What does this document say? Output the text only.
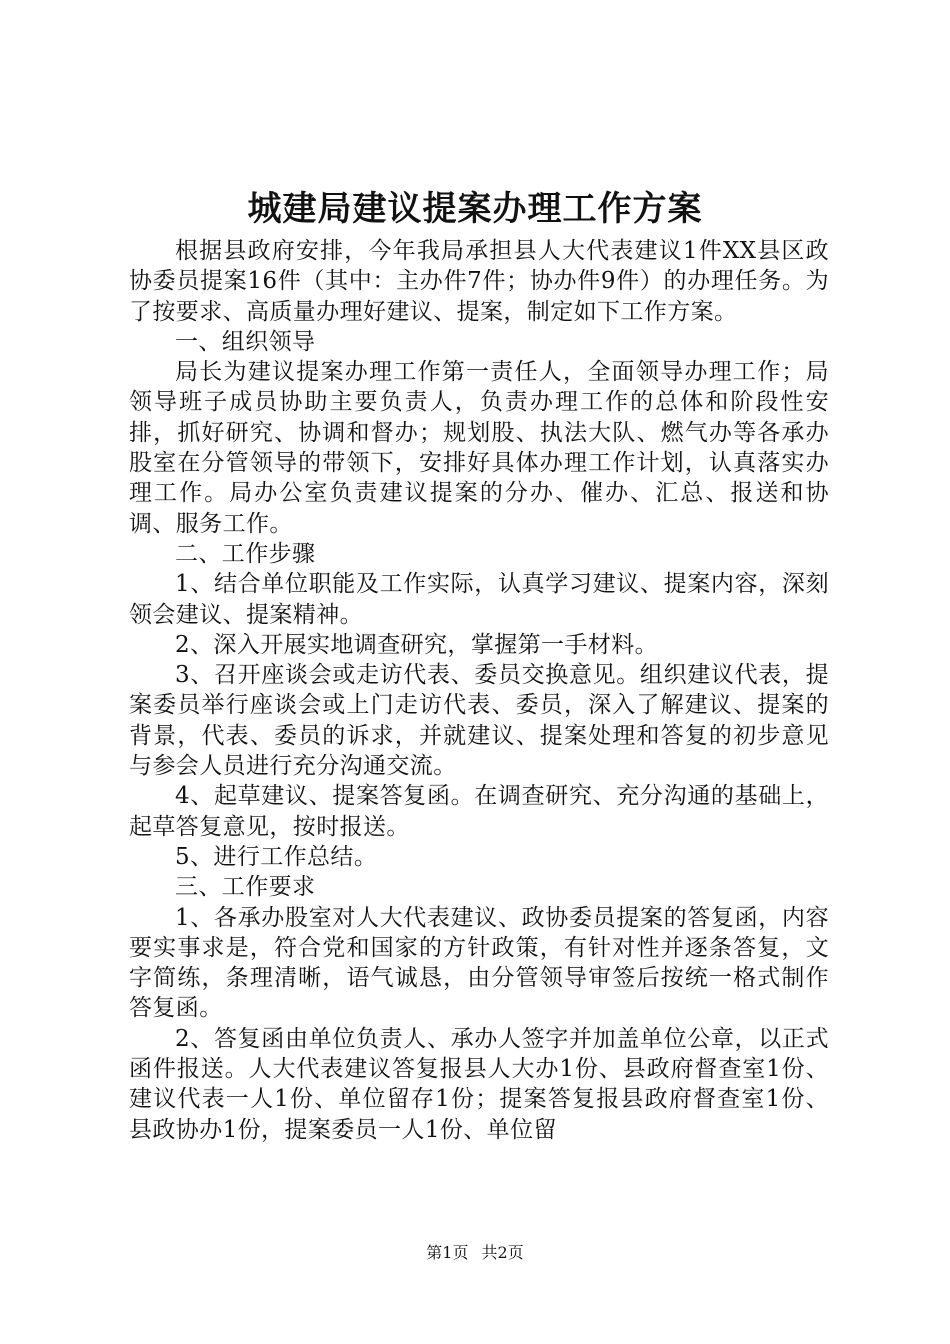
城建局建议提案办理工作方案

根据县政府安排，今年我局承担县人大代表建议1件XX县区政协委员提案16件（其中：主办件7件；协办件9件）的办理任务。为了按要求、高质量办理好建议、提案，制定如下工作方案。

一、组织领导

局长为建议提案办理工作第一责任人，全面领导办理工作；局领导班子成员协助主要负责人，负责办理工作的总体和阶段性安排，抓好研究、协调和督办；规划股、执法大队、燃气办等各承办股室在分管领导的带领下，安排好具体办理工作计划，认真落实办理工作。局办公室负责建议提案的分办、催办、汇总、报送和协调、服务工作。

二、工作步骤

1、结合单位职能及工作实际，认真学习建议、提案内容，深刻领会建议、提案精神。

2、深入开展实地调查研究，掌握第一手材料。

3、召开座谈会或走访代表、委员交换意见。组织建议代表，提案委员举行座谈会或上门走访代表、委员，深入了解建议、提案的背景，代表、委员的诉求，并就建议、提案处理和答复的初步意见与参会人员进行充分沟通交流。

4、起草建议、提案答复函。在调查研究、充分沟通的基础上，起草答复意见，按时报送。

5、进行工作总结。

三、工作要求

1、各承办股室对人大代表建议、政协委员提案的答复函，内容要实事求是，符合党和国家的方针政策，有针对性并逐条答复，文字简练，条理清晰，语气诚恳，由分管领导审签后按统一格式制作答复函。

2、答复函由单位负责人、承办人签字并加盖单位公章，以正式函件报送。人大代表建议答复报县人大办1份、县政府督查室1份、建议代表一人1份、单位留存1份；提案答复报县政府督查室1份、县政协办1份，提案委员一人1份、单位留

第1页 共2页
